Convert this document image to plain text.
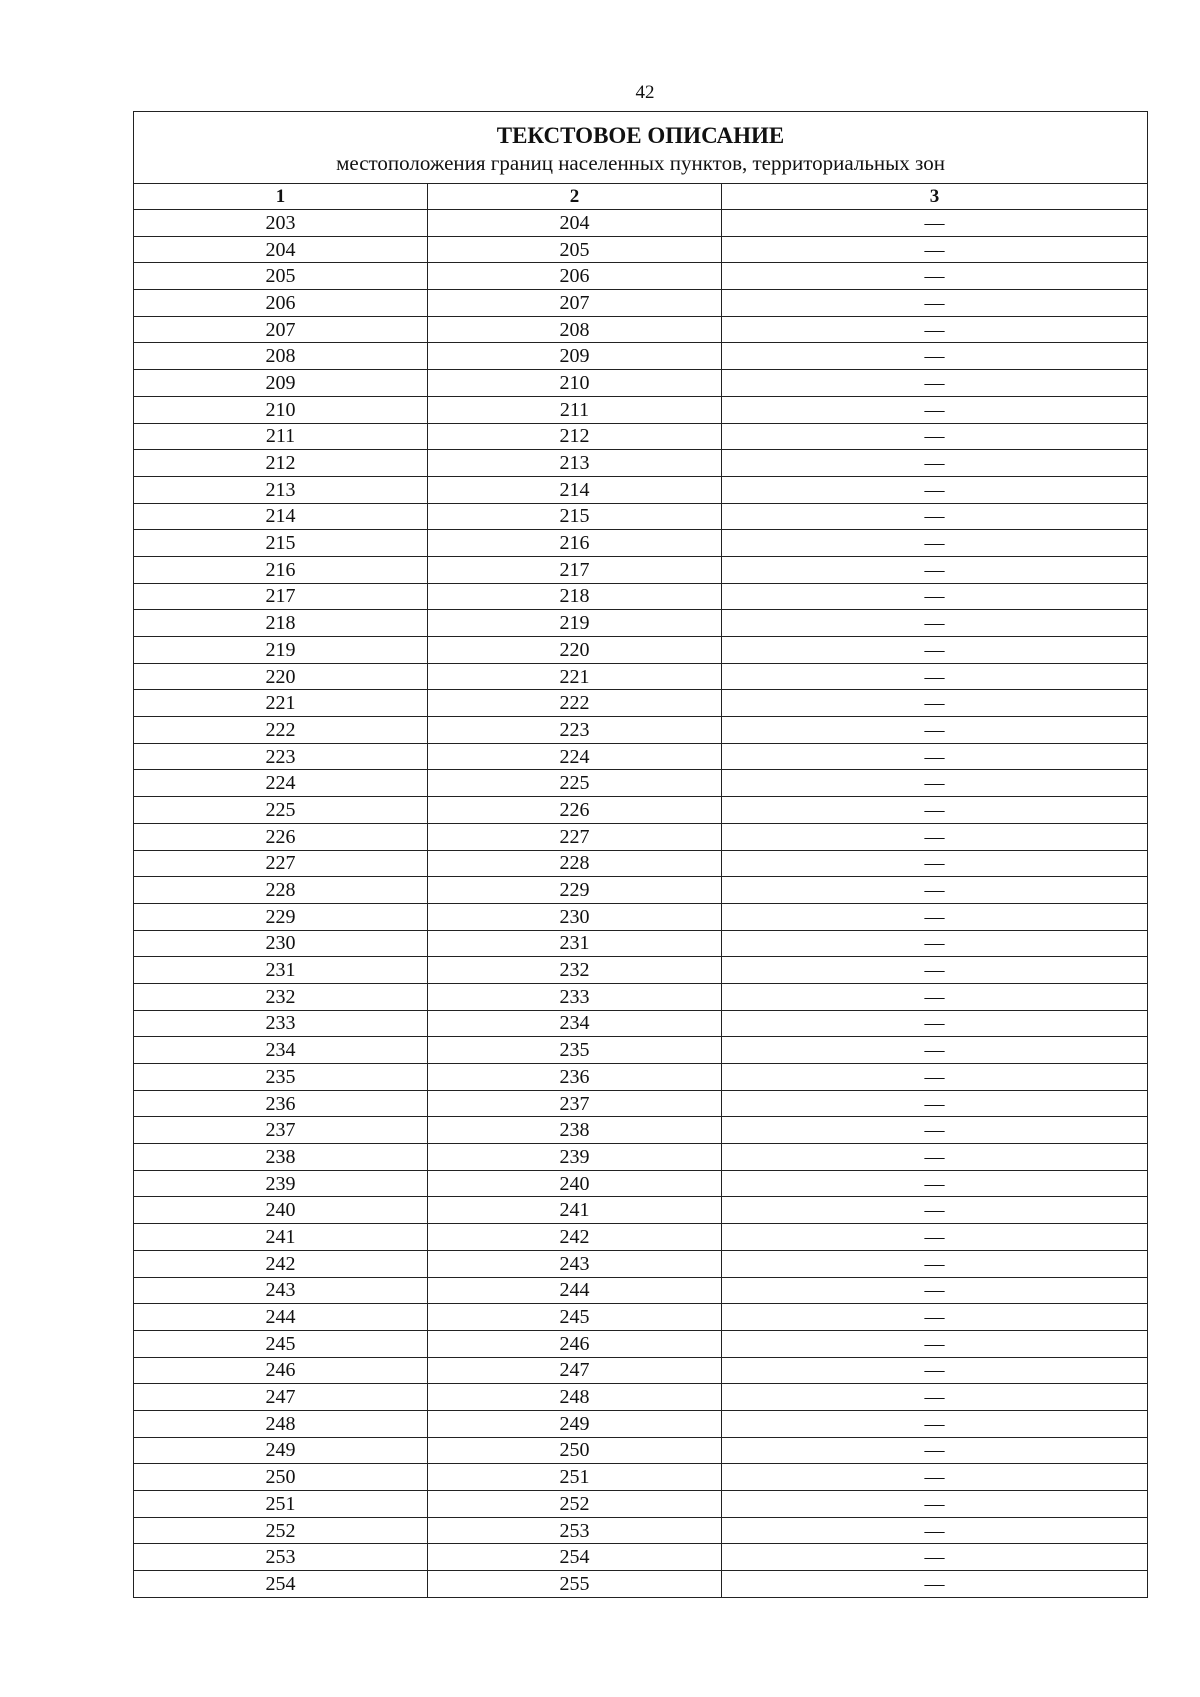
42
ТЕКСТОВОЕ ОПИСАНИЕ
местоположения границ населенных пунктов, территориальных зон		

1	2	3
203	204	—
204	205	—
205	206	—
206	207	—
207	208	—
208	209	—
209	210	—
210	211	—
211	212	—
212	213	—
213	214	—
214	215	—
215	216	—
216	217	—
217	218	—
218	219	—
219	220	—
220	221	—
221	222	—
222	223	—
223	224	—
224	225	—
225	226	—
226	227	—
227	228	—
228	229	—
229	230	—
230	231	—
231	232	—
232	233	—
233	234	—
234	235	—
235	236	—
236	237	—
237	238	—
238	239	—
239	240	—
240	241	—
241	242	—
242	243	—
243	244	—
244	245	—
245	246	—
246	247	—
247	248	—
248	249	—
249	250	—
250	251	—
251	252	—
252	253	—
253	254	—
254	255	—
